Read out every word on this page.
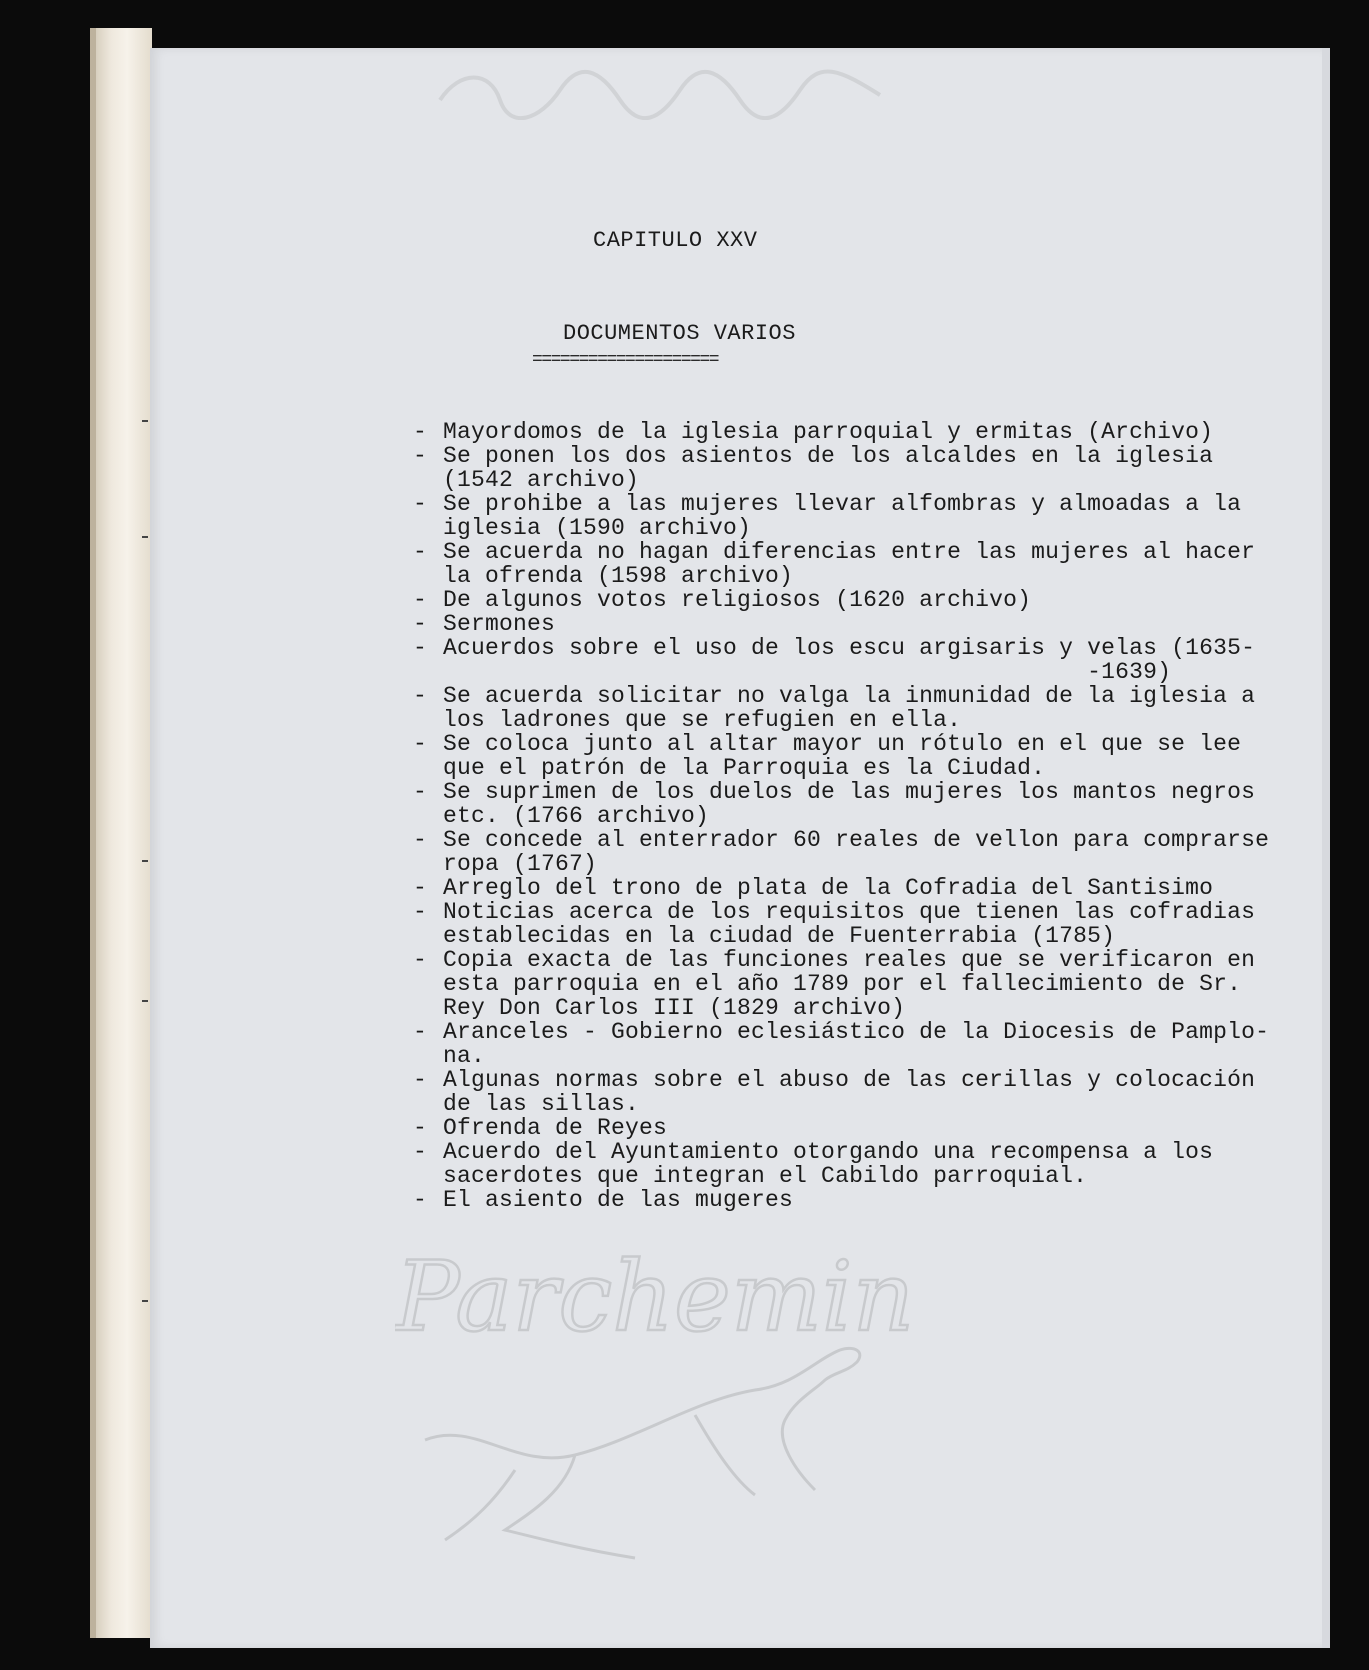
CAPITULO XXV
DOCUMENTOS VARIOS
====================
- Mayordomos de la iglesia parroquial y ermitas (Archivo)
- Se ponen los dos asientos de los alcaldes en la iglesia
(1542 archivo)
- Se prohibe a las mujeres llevar alfombras y almoadas a la
iglesia (1590 archivo)
- Se acuerda no hagan diferencias entre las mujeres al hacer
la ofrenda (1598 archivo)
- De algunos votos religiosos (1620 archivo)
- Sermones
- Acuerdos sobre el uso de los escu argisaris y velas (1635-
-1639)
- Se acuerda solicitar no valga la inmunidad de la iglesia a
los ladrones que se refugien en ella.
- Se coloca junto al altar mayor un rótulo en el que se lee
que el patrón de la Parroquia es la Ciudad.
- Se suprimen de los duelos de las mujeres los mantos negros
etc. (1766 archivo)
- Se concede al enterrador 60 reales de vellon para comprarse
ropa (1767)
- Arreglo del trono de plata de la Cofradia del Santisimo
- Noticias acerca de los requisitos que tienen las cofradias
establecidas en la ciudad de Fuenterrabia (1785)
- Copia exacta de las funciones reales que se verificaron en
esta parroquia en el año 1789 por el fallecimiento de Sr.
Rey Don Carlos III (1829 archivo)
- Aranceles - Gobierno eclesiástico de la Diocesis de Pamplo-
na.
- Algunas normas sobre el abuso de las cerillas y colocación
de las sillas.
- Ofrenda de Reyes
- Acuerdo del Ayuntamiento otorgando una recompensa a los
sacerdotes que integran el Cabildo parroquial.
- El asiento de las mugeres
Parchemin
